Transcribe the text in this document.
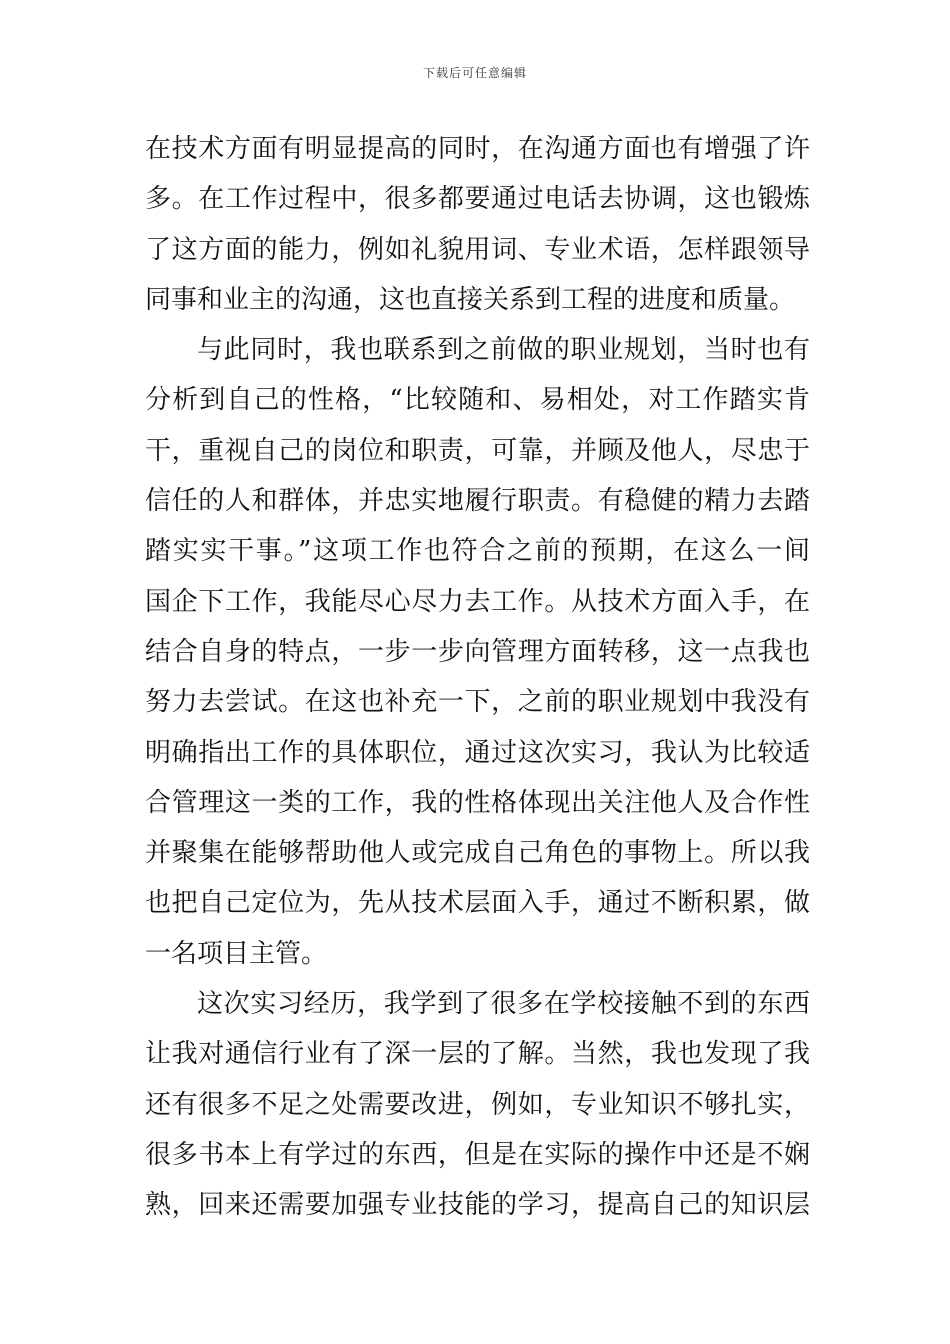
下载后可任意编辑
在技术方面有明显提高的同时，在沟通方面也有增强了许
多。在工作过程中，很多都要通过电话去协调，这也锻炼
了这方面的能力，例如礼貌用词、专业术语，怎样跟领导
同事和业主的沟通，这也直接关系到工程的进度和质量。
与此同时，我也联系到之前做的职业规划，当时也有
分析到自己的性格，“比较随和、易相处，对工作踏实肯
干，重视自己的岗位和职责，可靠，并顾及他人，尽忠于
信任的人和群体，并忠实地履行职责。有稳健的精力去踏
踏实实干事。”这项工作也符合之前的预期，在这么一间
国企下工作，我能尽心尽力去工作。从技术方面入手，在
结合自身的特点，一步一步向管理方面转移，这一点我也
努力去尝试。在这也补充一下，之前的职业规划中我没有
明确指出工作的具体职位，通过这次实习，我认为比较适
合管理这一类的工作，我的性格体现出关注他人及合作性
并聚集在能够帮助他人或完成自己角色的事物上。所以我
也把自己定位为，先从技术层面入手，通过不断积累，做
一名项目主管。
这次实习经历，我学到了很多在学校接触不到的东西
让我对通信行业有了深一层的了解。当然，我也发现了我
还有很多不足之处需要改进，例如，专业知识不够扎实，
很多书本上有学过的东西，但是在实际的操作中还是不娴
熟，回来还需要加强专业技能的学习，提高自己的知识层
